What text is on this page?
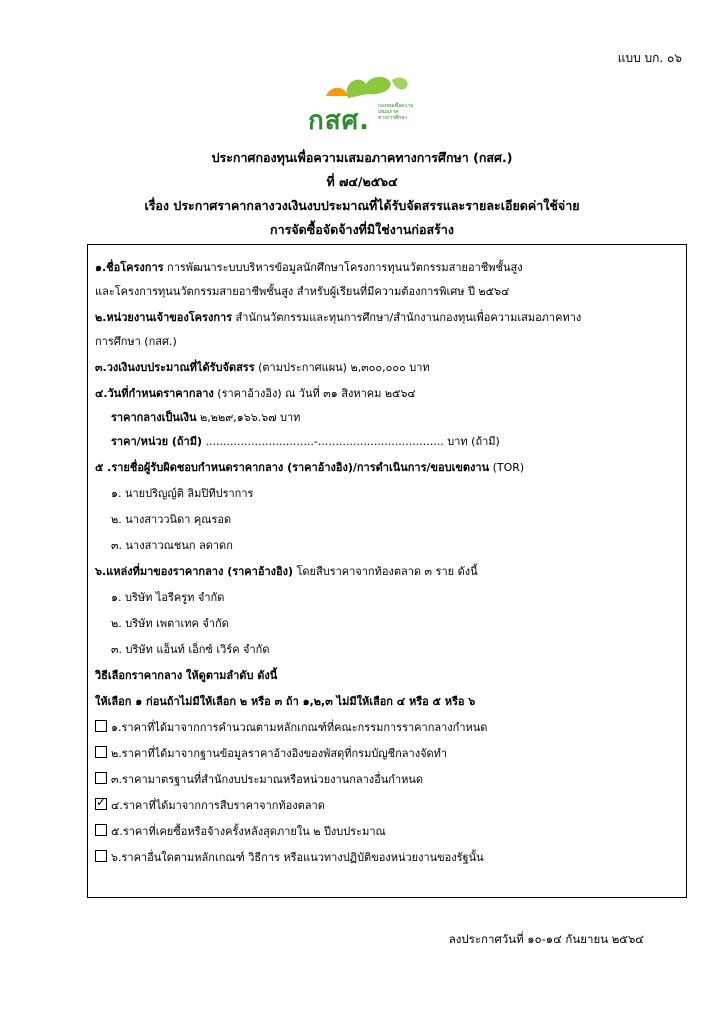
แบบ บก. ๐๖
กสศ. กองทุนเพื่อความเสมอภาค
ทางการศึกษา
ประกาศกองทุนเพื่อความเสมอภาคทางการศึกษา (กสศ.)
ที่ ๗๔/๒๕๖๔
เรื่อง ประกาศราคากลางวงเงินงบประมาณที่ได้รับจัดสรรและรายละเอียดค่าใช้จ่าย
การจัดซื้อจัดจ้างที่มิใช่งานก่อสร้าง
๑.ชื่อโครงการ การพัฒนาระบบบริหารข้อมูลนักศึกษาโครงการทุนนวัตกรรมสายอาชีพชั้นสูง
และโครงการทุนนวัตกรรมสายอาชีพชั้นสูง สำหรับผู้เรียนที่มีความต้องการพิเศษ ปี ๒๕๖๔
๒.หน่วยงานเจ้าของโครงการ สำนักนวัตกรรมและทุนการศึกษา/สำนักงานกองทุนเพื่อความเสมอภาคทาง
การศึกษา (กสศ.)
๓.วงเงินงบประมาณที่ได้รับจัดสรร (ตามประกาศแผน) ๒,๓๐๐,๐๐๐ บาท
๔.วันที่กำหนดราคากลาง (ราคาอ้างอิง) ณ วันที่ ๓๑ สิงหาคม ๒๕๖๔
ราคากลางเป็นเงิน ๒,๒๒๙,๑๖๖.๖๗ บาท
ราคา/หน่วย (ถ้ามี) ...............................-.................................... บาท (ถ้ามี)
๕ .รายชื่อผู้รับผิดชอบกำหนดราคากลาง (ราคาอ้างอิง)/การดำเนินการ/ขอบเขตงาน (TOR)
๑. นายปริญญ์ติ ลิมปิทีปราการ
๒. นางสาววนิดา คุณรอด
๓. นางสาวณชนก ลดาดก
๖.แหล่งที่มาของราคากลาง (ราคาอ้างอิง) โดยสืบราคาจากท้องตลาด ๓ ราย ดังนี้
๑. บริษัท ไอรีครูท จำกัด
๒. บริษัท เพตาเทค จำกัด
๓. บริษัท แอ็นท์ เอ็กซ์ เวิร์ค จำกัด
วิธีเลือกราคากลาง ให้ดูตามลำดับ ดังนี้
ให้เลือก ๑ ก่อนถ้าไม่มีให้เลือก ๒ หรือ ๓ ถ้า ๑,๒,๓ ไม่มีให้เลือก ๔ หรือ ๕ หรือ ๖
๑.ราคาที่ได้มาจากการคำนวณตามหลักเกณฑ์ที่คณะกรรมการราคากลางกำหนด
๒.ราคาที่ได้มาจากฐานข้อมูลราคาอ้างอิงของพัสดุที่กรมบัญชีกลางจัดทำ
๓.ราคามาตรฐานที่สำนักงบประมาณหรือหน่วยงานกลางอื่นกำหนด
✓๔.ราคาที่ได้มาจากการสืบราคาจากท้องตลาด
๕.ราคาที่เคยซื้อหรือจ้างครั้งหลังสุดภายใน ๒ ปีงบประมาณ
๖.ราคาอื่นใดตามหลักเกณฑ์ วิธีการ หรือแนวทางปฏิบัติของหน่วยงานของรัฐนั้น
ลงประกาศวันที่ ๑๐-๑๔ กันยายน ๒๕๖๔
